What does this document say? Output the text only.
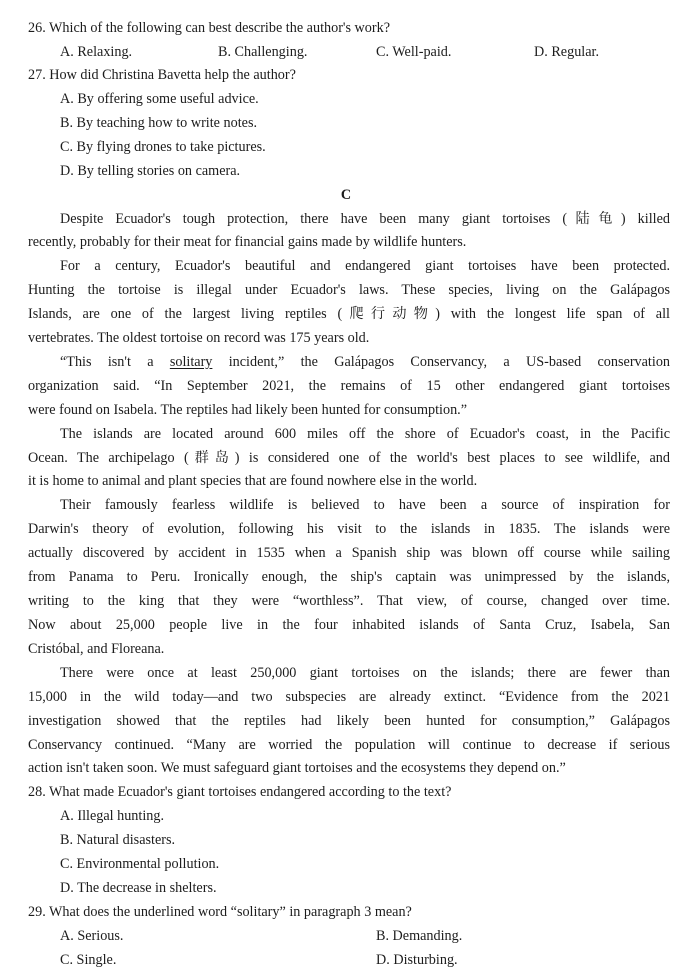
26. Which of the following can best describe the author's work?

A. Relaxing.	B. Challenging.	C. Well-paid.	D. Regular.

27. How did Christina Bavetta help the author?

A. By offering some useful advice.

B. By teaching how to write notes.

C. By flying drones to take pictures.

D. By telling stories on camera.

C

Despite Ecuador's tough protection, there have been many giant tortoises (陆龟) killed

recently, probably for their meat for financial gains made by wildlife hunters.

For a century, Ecuador's beautiful and endangered giant tortoises have been protected.

Hunting the tortoise is illegal under Ecuador's laws. These species, living on the Galápagos

Islands, are one of the largest living reptiles (爬行动物) with the longest life span of all

vertebrates. The oldest tortoise on record was 175 years old.

“This isn't a solitary incident,” the Galápagos Conservancy, a US-based conservation

organization said. “In September 2021, the remains of 15 other endangered giant tortoises

were found on Isabela. The reptiles had likely been hunted for consumption.”

The islands are located around 600 miles off the shore of Ecuador's coast, in the Pacific

Ocean. The archipelago (群岛) is considered one of the world's best places to see wildlife, and

it is home to animal and plant species that are found nowhere else in the world.

Their famously fearless wildlife is believed to have been a source of inspiration for

Darwin's theory of evolution, following his visit to the islands in 1835. The islands were

actually discovered by accident in 1535 when a Spanish ship was blown off course while sailing

from Panama to Peru. Ironically enough, the ship's captain was unimpressed by the islands,

writing to the king that they were “worthless”. That view, of course, changed over time.

Now about 25,000 people live in the four inhabited islands of Santa Cruz, Isabela, San

Cristóbal, and Floreana.

There were once at least 250,000 giant tortoises on the islands; there are fewer than

15,000 in the wild today—and two subspecies are already extinct. “Evidence from the 2021

investigation showed that the reptiles had likely been hunted for consumption,” Galápagos

Conservancy continued. “Many are worried the population will continue to decrease if serious

action isn't taken soon. We must safeguard giant tortoises and the ecosystems they depend on.”

28. What made Ecuador's giant tortoises endangered according to the text?

A. Illegal hunting.

B. Natural disasters.

C. Environmental pollution.

D. The decrease in shelters.

29. What does the underlined word “solitary” in paragraph 3 mean?

A. Serious.	B. Demanding.
C. Single.	D. Disturbing.
